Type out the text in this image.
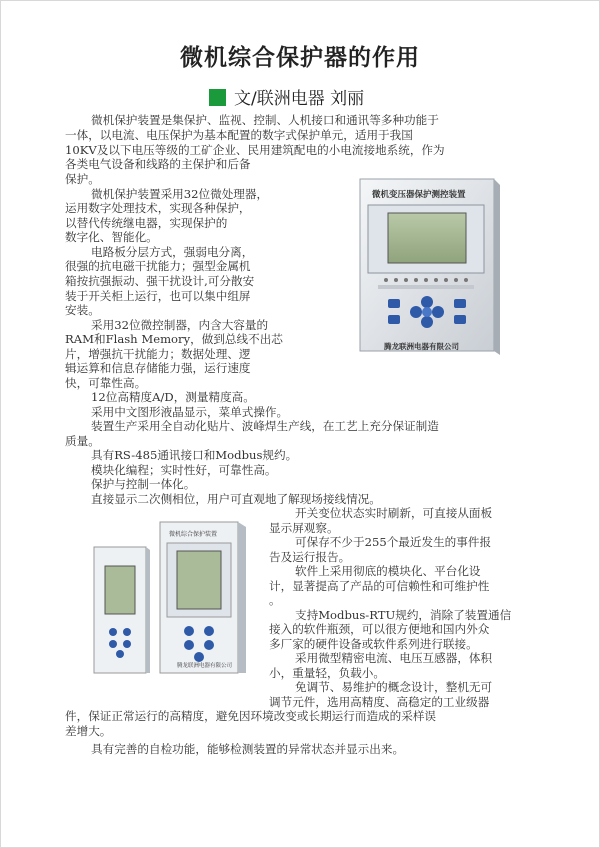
微机综合保护器的作用
文/联洲电器 刘丽
微机变压器保护测控装置
腾龙联洲电器有限公司
微机综合保护装置
腾龙联洲电器有限公司

微机保护装置是集保护、监视、控制、人机接口和通讯等多种功能于

一体，以电流、电压保护为基本配置的数字式保护单元，适用于我国

10KV及以下电压等级的工矿企业、民用建筑配电的小电流接地系统，作为

各类电气设备和线路的主保护和后备

保护。

微机保护装置采用32位微处理器，

运用数字处理技术，实现各种保护，

以替代传统继电器，实现保护的

数字化、智能化。

电路板分层方式，强弱电分离，

很强的抗电磁干扰能力；强型金属机

箱按抗强振动、强干扰设计,可分散安

装于开关柜上运行，也可以集中组屏

安装。

采用32位微控制器，内含大容量的

RAM和Flash Memory，做到总线不出芯

片，增强抗干扰能力；数据处理、逻

辑运算和信息存储能力强，运行速度

快，可靠性高。

12位高精度A/D，测量精度高。

采用中文图形液晶显示，菜单式操作。

装置生产采用全自动化贴片、波峰焊生产线，在工艺上充分保证制造

质量。

具有RS-485通讯接口和Modbus规约。

模块化编程；实时性好，可靠性高。

保护与控制一体化。

直接显示二次侧相位，用户可直观地了解现场接线情况。

开关变位状态实时刷新，可直接从面板

显示屏观察。

可保存不少于255个最近发生的事件报

告及运行报告。

软件上采用彻底的模块化、平台化设

计，显著提高了产品的可信赖性和可维护性

。

支持Modbus-RTU规约，消除了装置通信

接入的软件瓶颈，可以很方便地和国内外众

多厂家的硬件设备或软件系列进行联接。

采用微型精密电流、电压互感器，体积

小，重量轻，负载小。

免调节、易维护的概念设计，整机无可

调节元件，选用高精度、高稳定的工业级器

件，保证正常运行的高精度，避免因环境改变或长期运行而造成的采样误

差增大。

具有完善的自检功能，能够检测装置的异常状态并显示出来。
